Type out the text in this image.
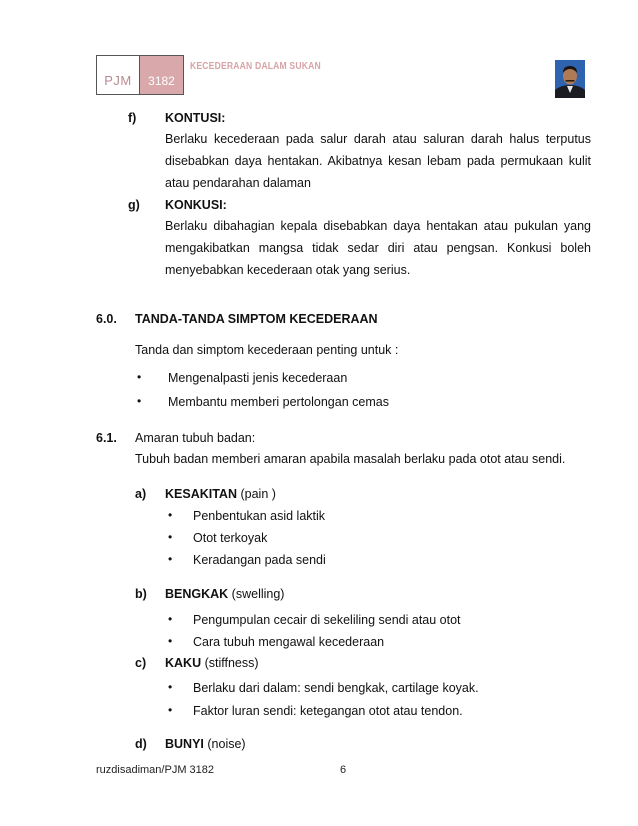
PJM 3182
KECEDERAAN DALAM SUKAN
f) KONTUSI:
Berlaku kecederaan pada salur darah atau saluran darah halus terputus disebabkan daya hentakan. Akibatnya kesan lebam pada permukaan kulit atau pendarahan dalaman
g) KONKUSI:
Berlaku dibahagian kepala disebabkan daya hentakan atau pukulan yang mengakibatkan mangsa tidak sedar diri atau pengsan. Konkusi boleh menyebabkan kecederaan otak yang serius.
6.0. TANDA-TANDA SIMPTOM KECEDERAAN
Tanda dan simptom kecederaan penting untuk :
• Mengenalpasti jenis kecederaan
• Membantu memberi pertolongan cemas
6.1. Amaran tubuh badan:
Tubuh badan memberi amaran apabila masalah berlaku pada otot atau sendi.
a) KESAKITAN (pain )
• Penbentukan asid laktik
• Otot terkoyak
• Keradangan pada sendi
b) BENGKAK (swelling)
• Pengumpulan cecair di sekeliling sendi atau otot
• Cara tubuh mengawal kecederaan
c) KAKU (stiffness)
• Berlaku dari dalam: sendi bengkak, cartilage koyak.
• Faktor luran sendi: ketegangan otot atau tendon.
d) BUNYI (noise)
ruzdisadiman/PJM 3182	6
